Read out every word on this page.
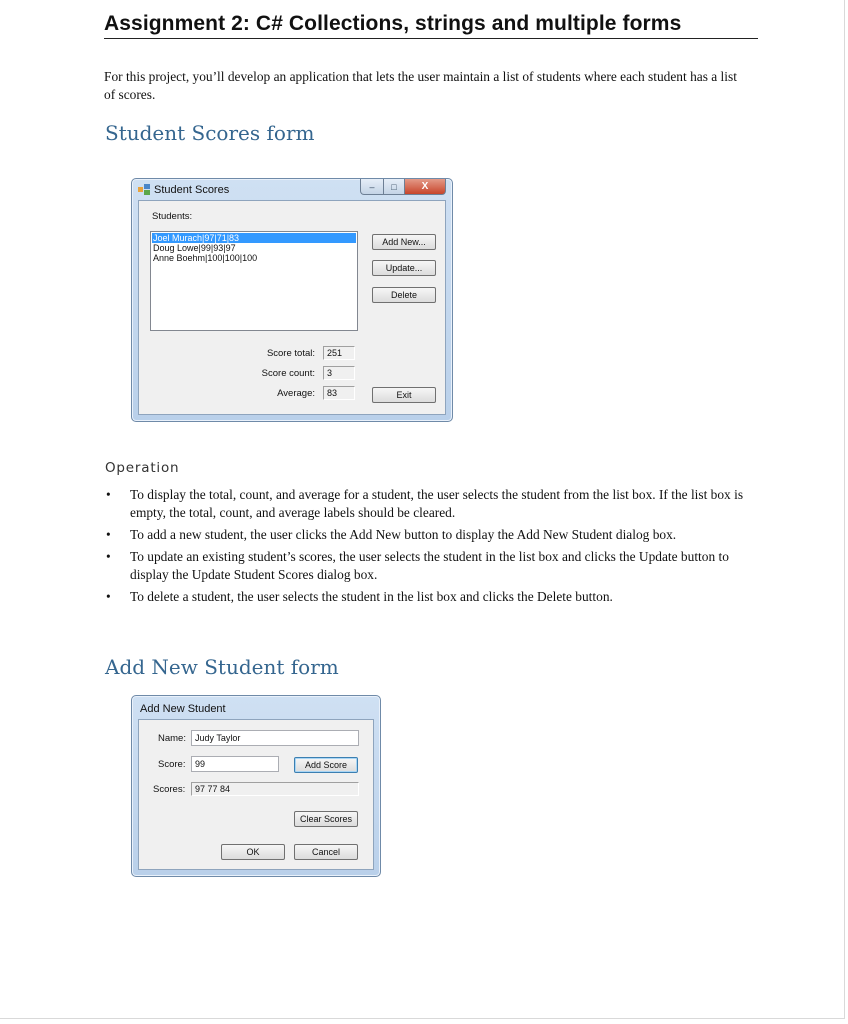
Assignment 2: C# Collections, strings and multiple forms
For this project, you’ll develop an application that lets the user maintain a list of students where each student has a list of scores.
Student Scores form
Student Scores	–	□	X
Students:
Joel Murach|97|71|83
Doug Lowe|99|93|97
Anne Boehm|100|100|100
Add New...
Update...
Delete
Score total:	251
Score count:	3
Average:	83	Exit
Operation
• To display the total, count, and average for a student, the user selects the student from the list box. If the list box is empty, the total, count, and average labels should be cleared.
• To add a new student, the user clicks the Add New button to display the Add New Student dialog box.
• To update an existing student’s scores, the user selects the student in the list box and clicks the Update button to display the Update Student Scores dialog box.
• To delete a student, the user selects the student in the list box and clicks the Delete button.
Add New Student form
Add New Student
Name:	Judy Taylor
Score:	99	Add Score
Scores:	97 77 84
Clear Scores
OK	Cancel
